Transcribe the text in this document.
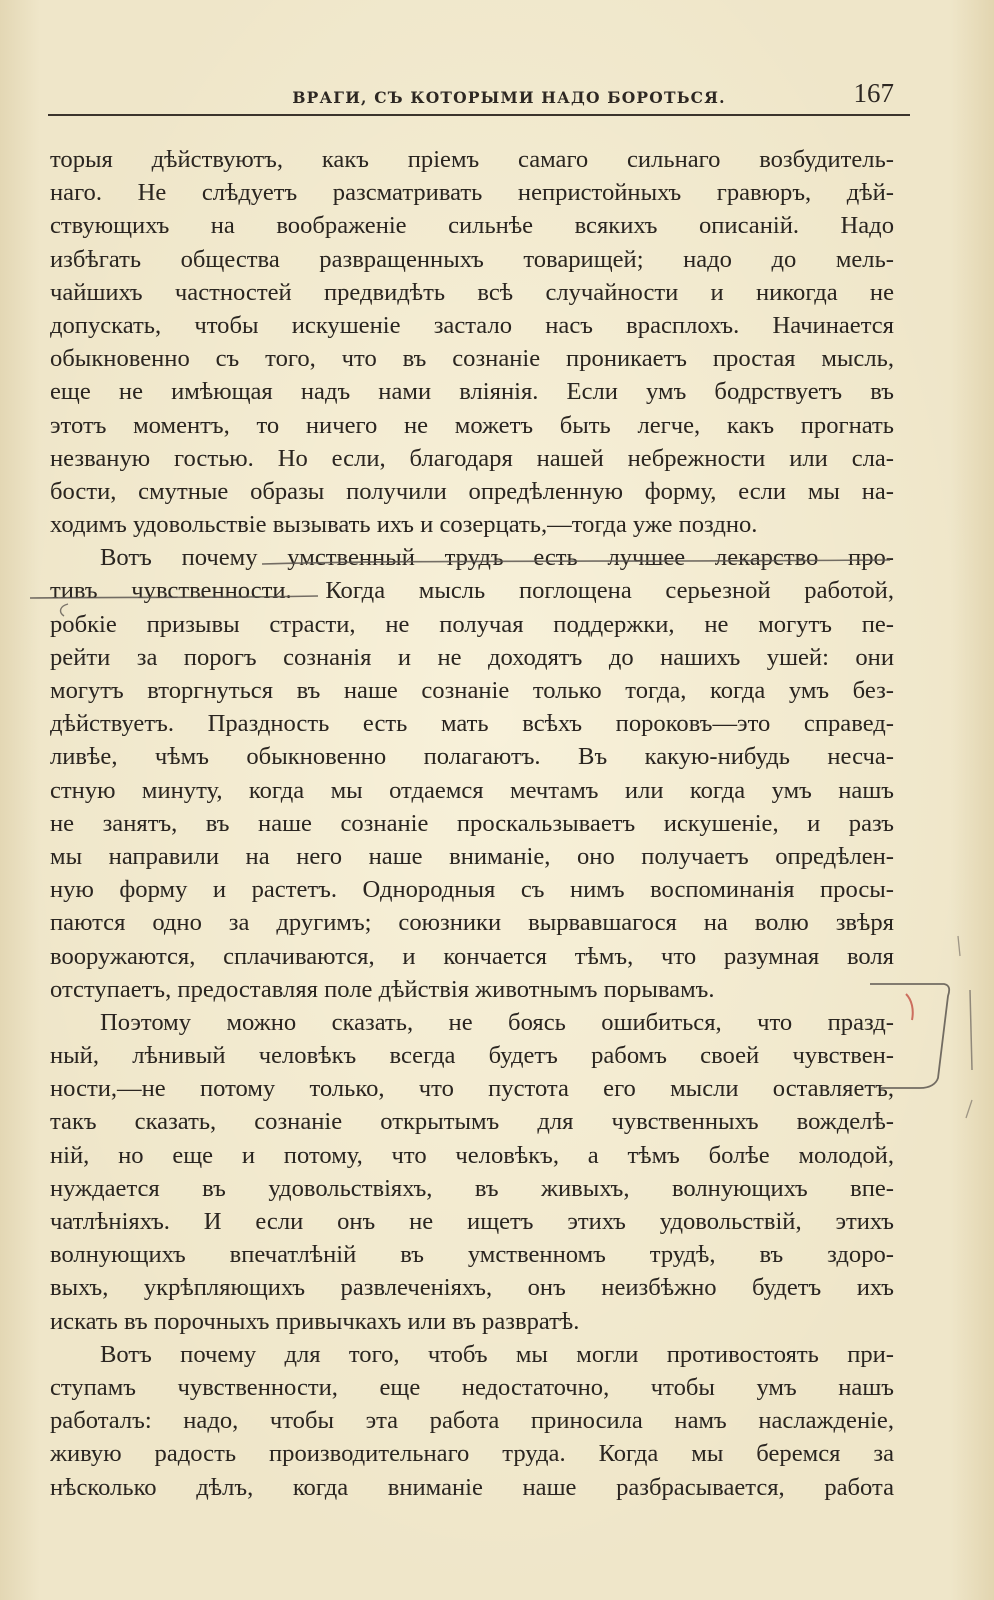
ВРАГИ, СЪ КОТОРЫМИ НАДО БОРОТЬСЯ.	167
торыя дѣйствуютъ, какъ пріемъ самаго сильнаго возбудитель-
наго. Не слѣдуетъ разсматривать непристойныхъ гравюръ, дѣй-
ствующихъ на воображеніе сильнѣе всякихъ описаній. Надо
избѣгать общества развращенныхъ товарищей; надо до мель-
чайшихъ частностей предвидѣть всѣ случайности и никогда не
допускать, чтобы искушеніе застало насъ врасплохъ. Начинается
обыкновенно съ того, что въ сознаніе проникаетъ простая мысль,
еще не имѣющая надъ нами вліянія. Если умъ бодрствуетъ въ
этотъ моментъ, то ничего не можетъ быть легче, какъ прогнать
незваную гостью. Но если, благодаря нашей небрежности или сла-
бости, смутные образы получили опредѣленную форму, если мы на-
ходимъ удовольствіе вызывать ихъ и созерцать,—тогда уже поздно.
Вотъ почему умственный трудъ есть лучшее лекарство про-
тивъ чувственности. Когда мысль поглощена серьезной работой,
робкіе призывы страсти, не получая поддержки, не могутъ пе-
рейти за порогъ сознанія и не доходятъ до нашихъ ушей: они
могутъ вторгнуться въ наше сознаніе только тогда, когда умъ без-
дѣйствуетъ. Праздность есть мать всѣхъ пороковъ—это справед-
ливѣе, чѣмъ обыкновенно полагаютъ. Въ какую-нибудь несча-
стную минуту, когда мы отдаемся мечтамъ или когда умъ нашъ
не занятъ, въ наше сознаніе проскальзываетъ искушеніе, и разъ
мы направили на него наше вниманіе, оно получаетъ опредѣлен-
ную форму и растетъ. Однородныя съ нимъ воспоминанія просы-
паются одно за другимъ; союзники вырвавшагося на волю звѣря
вооружаются, сплачиваются, и кончается тѣмъ, что разумная воля
отступаетъ, предоставляя поле дѣйствія животнымъ порывамъ.
Поэтому можно сказать, не боясь ошибиться, что празд-
ный, лѣнивый человѣкъ всегда будетъ рабомъ своей чувствен-
ности,—не потому только, что пустота его мысли оставляетъ,
такъ сказать, сознаніе открытымъ для чувственныхъ вожделѣ-
ній, но еще и потому, что человѣкъ, а тѣмъ болѣе молодой,
нуждается въ удовольствіяхъ, въ живыхъ, волнующихъ впе-
чатлѣніяхъ. И если онъ не ищетъ этихъ удовольствій, этихъ
волнующихъ впечатлѣній въ умственномъ трудѣ, въ здоро-
выхъ, укрѣпляющихъ развлеченіяхъ, онъ неизбѣжно будетъ ихъ
искать въ порочныхъ привычкахъ или въ развратѣ.
Вотъ почему для того, чтобъ мы могли противостоять при-
ступамъ чувственности, еще недостаточно, чтобы умъ нашъ
работалъ: надо, чтобы эта работа приносила намъ наслажденіе,
живую радость производительнаго труда. Когда мы беремся за
нѣсколько дѣлъ, когда вниманіе наше разбрасывается, работа
